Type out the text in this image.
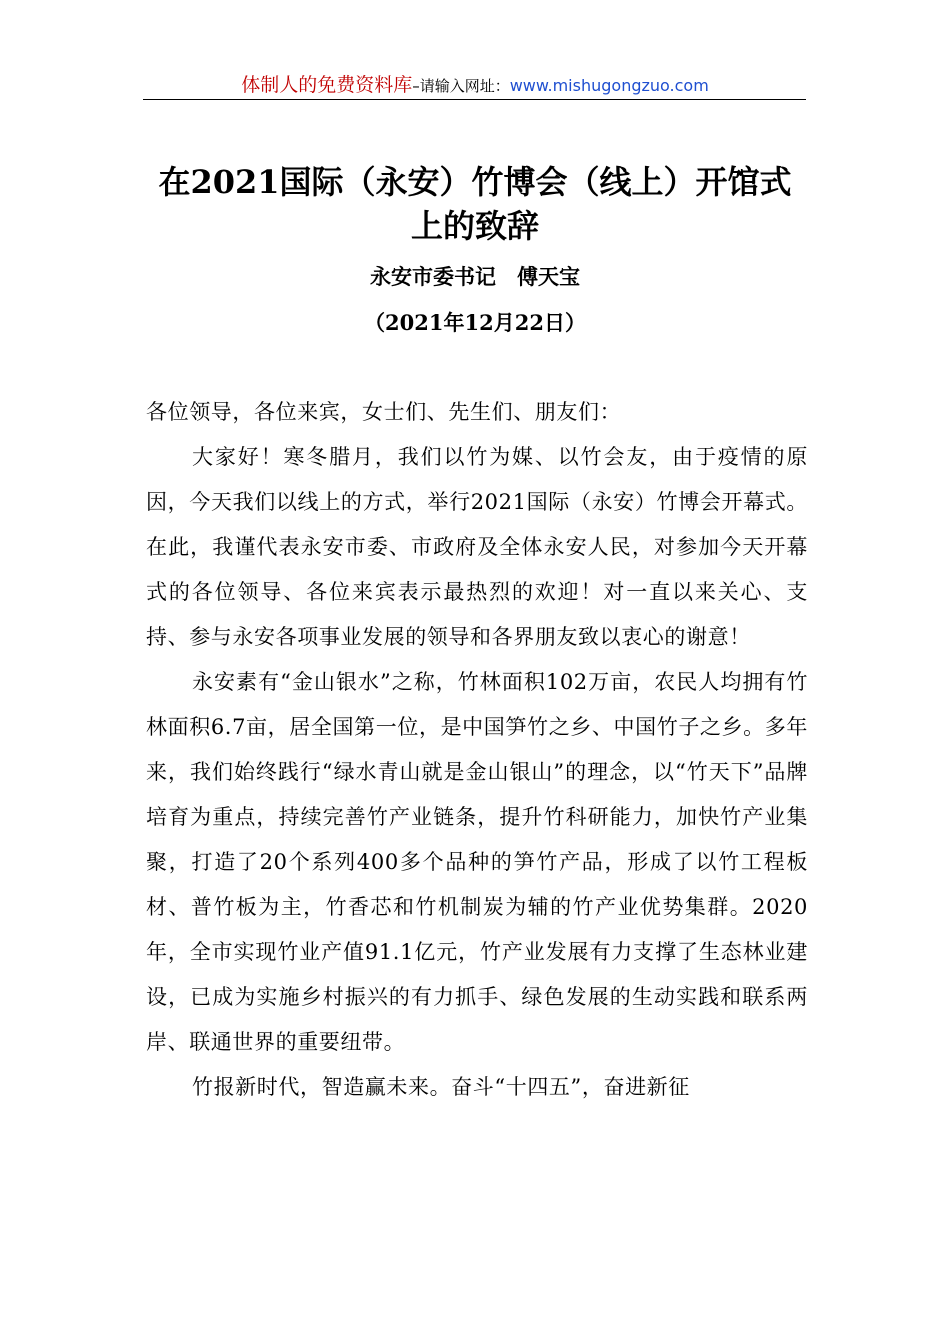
体制人的免费资料库–请输入网址：www.mishugongzuo.com
在2021国际（永安）竹博会（线上）开馆式上的致辞
永安市委书记　傅天宝
（2021年12月22日）

各位领导，各位来宾，女士们、先生们、朋友们：

大家好！寒冬腊月，我们以竹为媒、以竹会友，由于疫情的原因，今天我们以线上的方式，举行2021国际（永安）竹博会开幕式。在此，我谨代表永安市委、市政府及全体永安人民，对参加今天开幕式的各位领导、各位来宾表示最热烈的欢迎！对一直以来关心、支持、参与永安各项事业发展的领导和各界朋友致以衷心的谢意！

永安素有“金山银水”之称，竹林面积102万亩，农民人均拥有竹林面积6.7亩，居全国第一位，是中国笋竹之乡、中国竹子之乡。多年来，我们始终践行“绿水青山就是金山银山”的理念，以“竹天下”品牌培育为重点，持续完善竹产业链条，提升竹科研能力，加快竹产业集聚，打造了20个系列400多个品种的笋竹产品，形成了以竹工程板材、普竹板为主，竹香芯和竹机制炭为辅的竹产业优势集群。2020年，全市实现竹业产值91.1亿元，竹产业发展有力支撑了生态林业建设，已成为实施乡村振兴的有力抓手、绿色发展的生动实践和联系两岸、联通世界的重要纽带。

竹报新时代，智造赢未来。奋斗“十四五”，奋进新征
